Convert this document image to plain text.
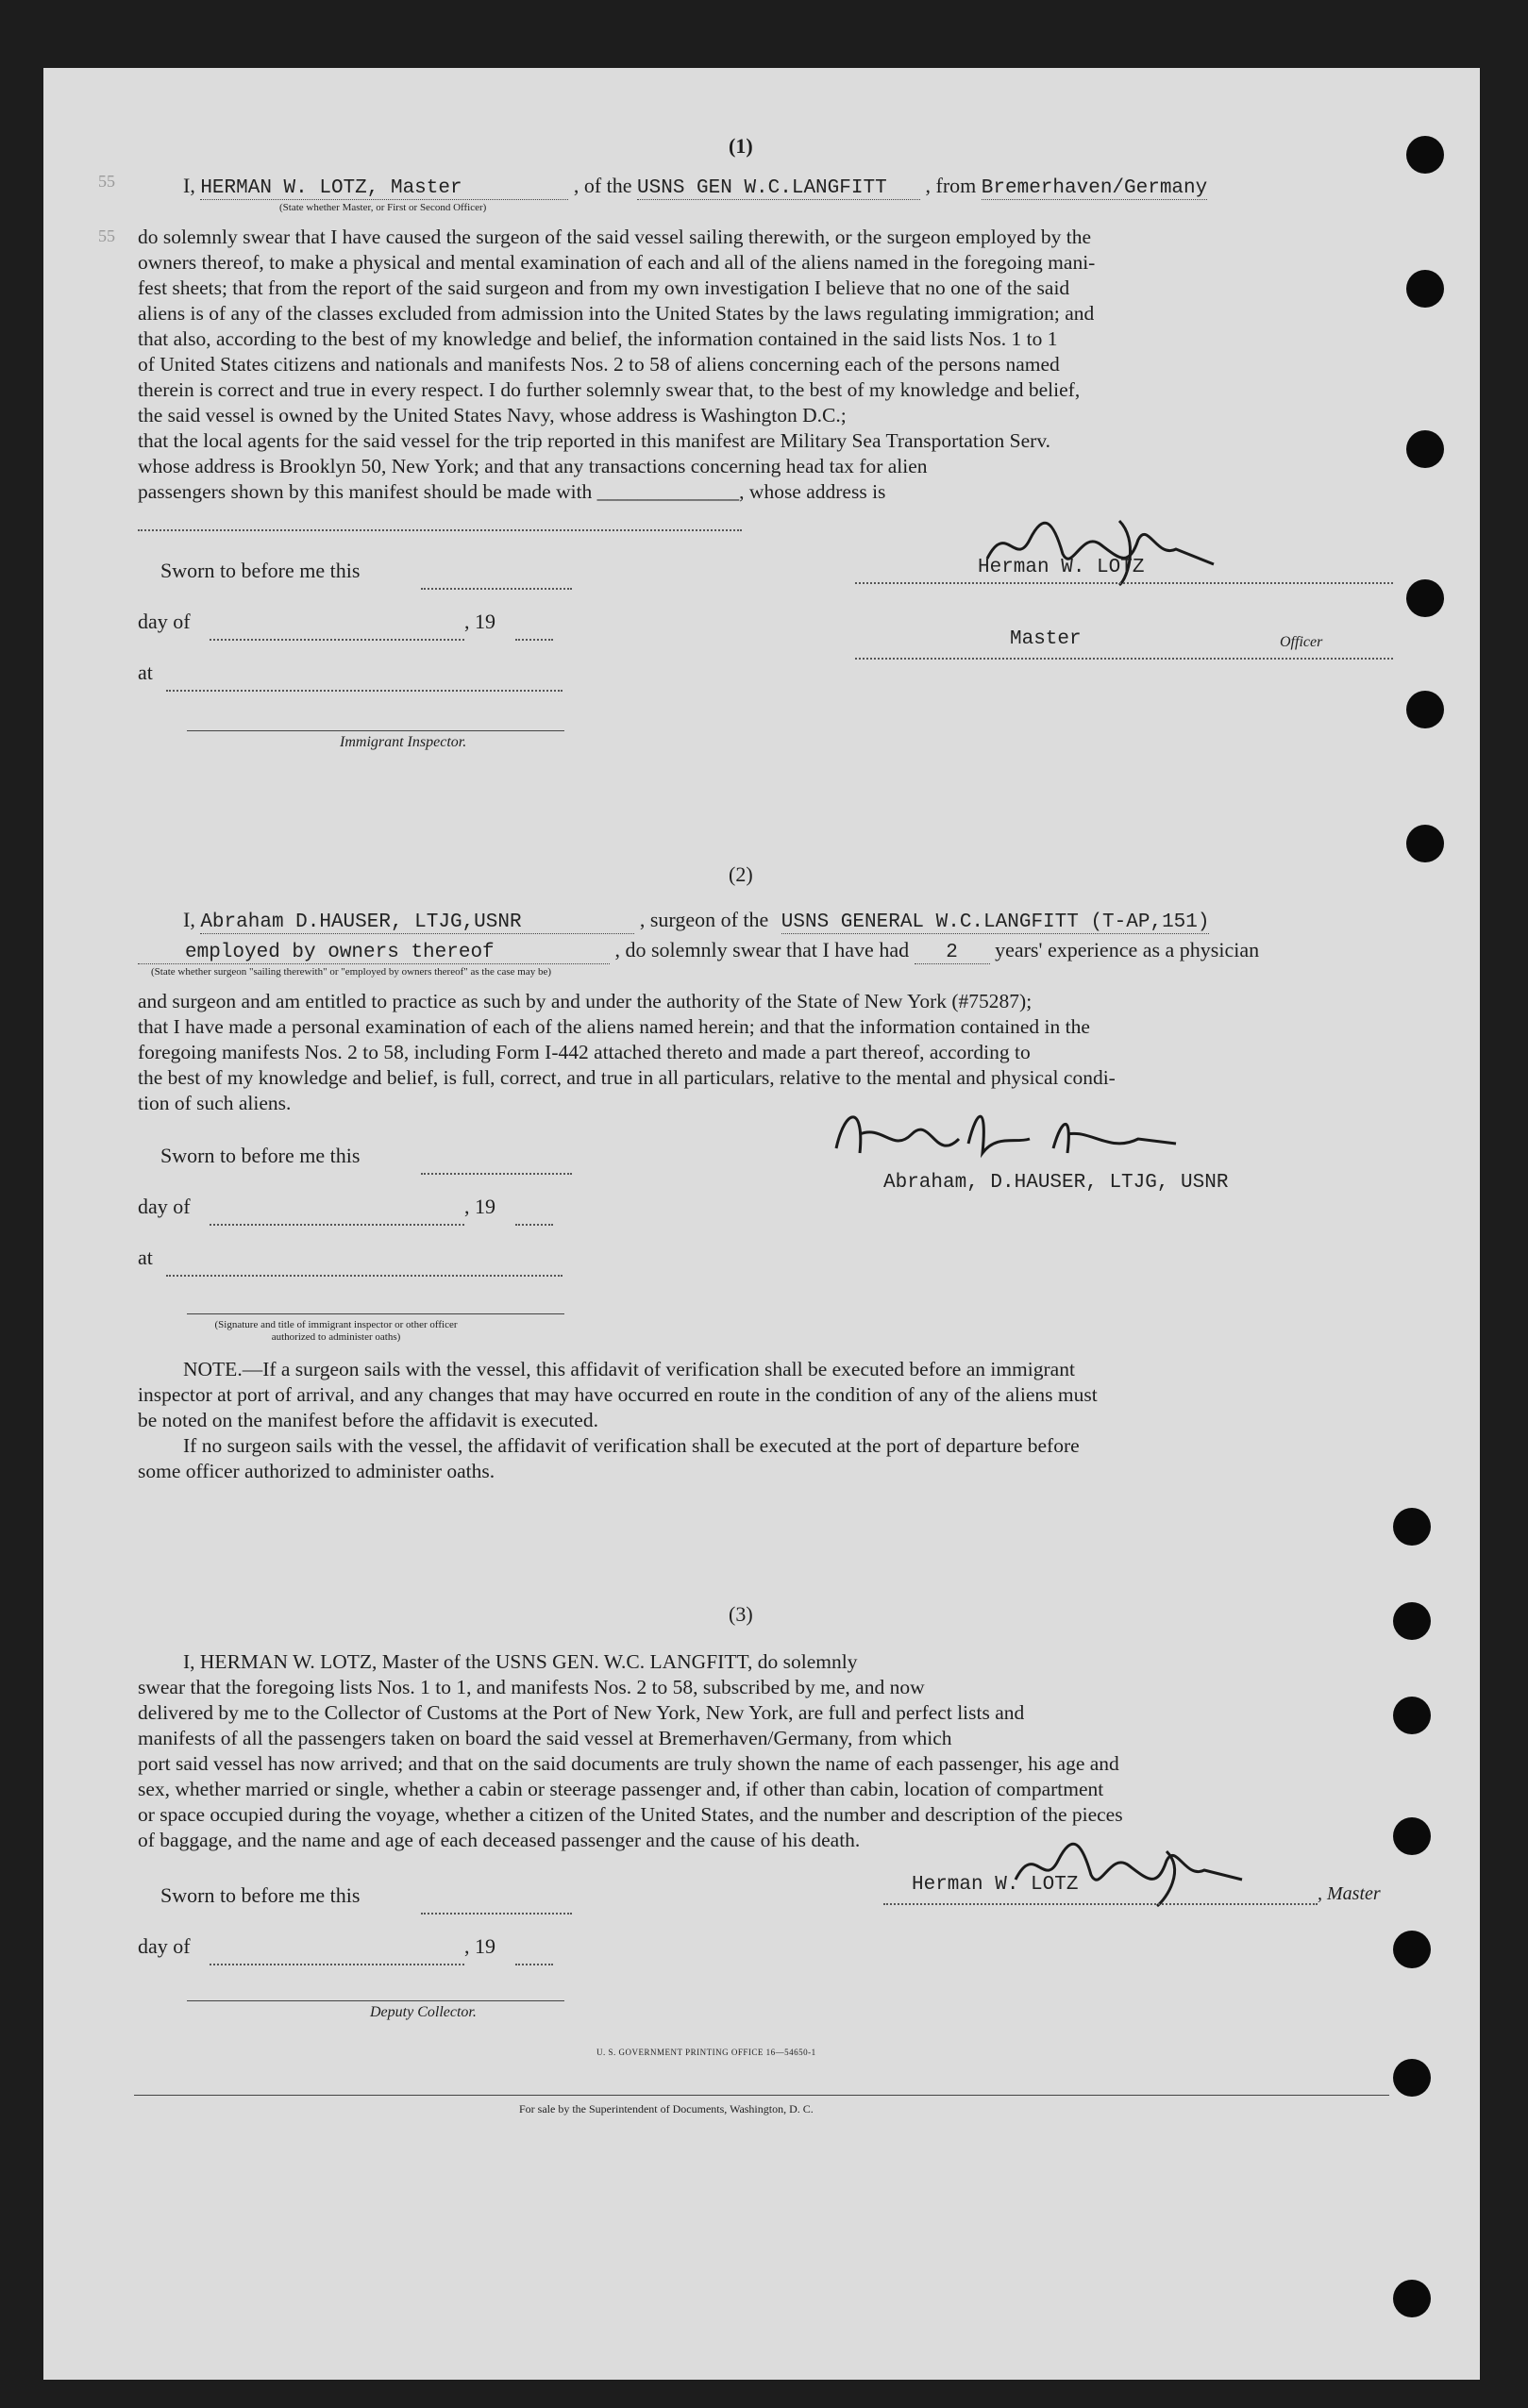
55
55
(1)
I, HERMAN W. LOTZ, Master	, of the USNS GEN W.C.LANGFITT , from Bremerhaven/Germany
(State whether Master, or First or Second Officer)

do solemnly swear that I have caused the surgeon of the said vessel sailing therewith, or the surgeon employed by the

owners thereof, to make a physical and mental examination of each and all of the aliens named in the foregoing mani-

fest sheets; that from the report of the said surgeon and from my own investigation I believe that no one of the said

aliens is of any of the classes excluded from admission into the United States by the laws regulating immigration; and

that also, according to the best of my knowledge and belief, the information contained in the said lists Nos. 1 to 1

of United States citizens and nationals and manifests Nos. 2 to 58 of aliens concerning each of the persons named

therein is correct and true in every respect. I do further solemnly swear that, to the best of my knowledge and belief,

the said vessel is owned by the United States Navy, whose address is Washington D.C.;

that the local agents for the said vessel for the trip reported in this manifest are Military Sea Transportation Serv.

whose address is Brooklyn 50, New York; and that any transactions concerning head tax for alien

passengers shown by this manifest should be made with ______________, whose address is

Sworn to before me this	Herman W. LOTZ
day of	, 19
Master	Officer
at
Immigrant Inspector.
(2)
I, Abraham D.HAUSER, LTJG,USNR	, surgeon of the USNS GENERAL W.C.LANGFITT (T-AP,151)
employed by owners thereof	, do solemnly swear that I have had 2 years' experience as a physician
(State whether surgeon "sailing therewith" or "employed by owners thereof" as the case may be)

and surgeon and am entitled to practice as such by and under the authority of the State of New York (#75287);

that I have made a personal examination of each of the aliens named herein; and that the information contained in the

foregoing manifests Nos. 2 to 58, including Form I-442 attached thereto and made a part thereof, according to

the best of my knowledge and belief, is full, correct, and true in all particulars, relative to the mental and physical condi-

tion of such aliens.

Sworn to before me this
Abraham, D.HAUSER, LTJG, USNR
day of	, 19
at
(Signature and title of immigrant inspector or other officer authorized to administer oaths)

NOTE.—If a surgeon sails with the vessel, this affidavit of verification shall be executed before an immigrant

inspector at port of arrival, and any changes that may have occurred en route in the condition of any of the aliens must

be noted on the manifest before the affidavit is executed.

If no surgeon sails with the vessel, the affidavit of verification shall be executed at the port of departure before

some officer authorized to administer oaths.

(3)

I, HERMAN W. LOTZ, Master of the USNS GEN. W.C. LANGFITT, do solemnly

swear that the foregoing lists Nos. 1 to 1, and manifests Nos. 2 to 58, subscribed by me, and now

delivered by me to the Collector of Customs at the Port of New York, New York, are full and perfect lists and

manifests of all the passengers taken on board the said vessel at Bremerhaven/Germany, from which

port said vessel has now arrived; and that on the said documents are truly shown the name of each passenger, his age and

sex, whether married or single, whether a cabin or steerage passenger and, if other than cabin, location of compartment

or space occupied during the voyage, whether a citizen of the United States, and the number and description of the pieces

of baggage, and the name and age of each deceased passenger and the cause of his death.

Sworn to before me this	Herman W. LOTZ	, Master
day of	, 19
Deputy Collector.
U. S. GOVERNMENT PRINTING OFFICE 16—54650-1
For sale by the Superintendent of Documents, Washington, D. C.
